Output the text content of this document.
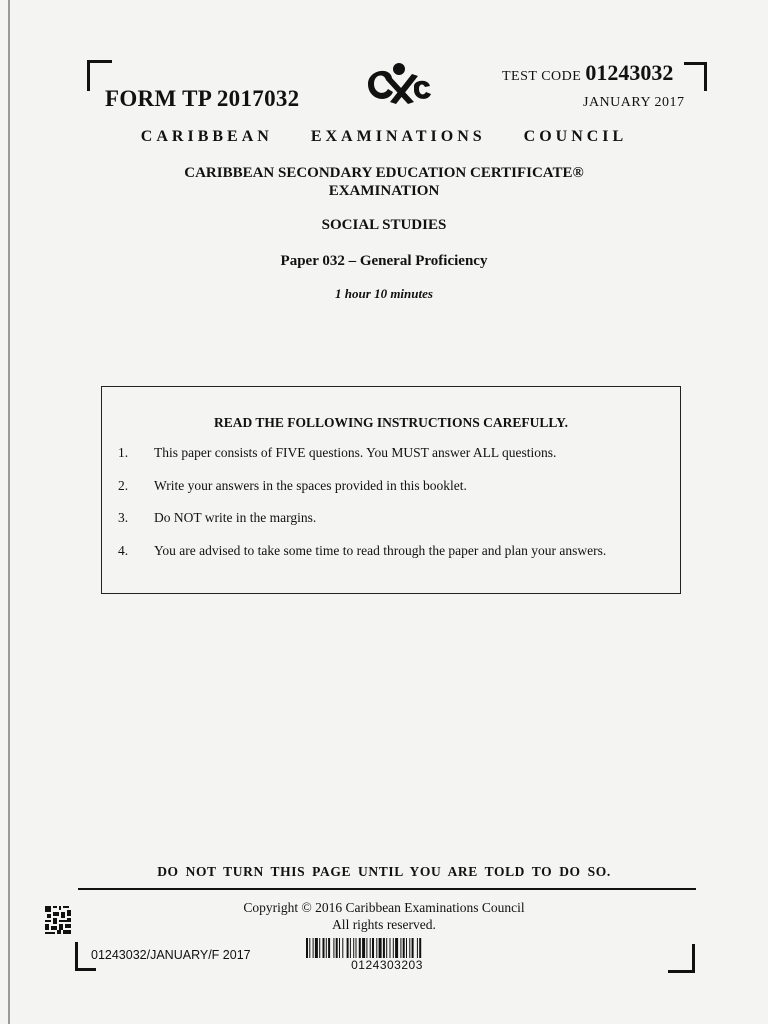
FORM TP 2017032
TEST CODE 01243032
JANUARY 2017
CARIBBEAN EXAMINATIONS COUNCIL
CARIBBEAN SECONDARY EDUCATION CERTIFICATE®
EXAMINATION
SOCIAL STUDIES
Paper 032 – General Proficiency
1 hour 10 minutes
READ THE FOLLOWING INSTRUCTIONS CAREFULLY.
1. This paper consists of FIVE questions. You MUST answer ALL questions.
2. Write your answers in the spaces provided in this booklet.
3. Do NOT write in the margins.
4. You are advised to take some time to read through the paper and plan your answers.
DO NOT TURN THIS PAGE UNTIL YOU ARE TOLD TO DO SO.
Copyright © 2016 Caribbean Examinations Council
All rights reserved.
01243032/JANUARY/F 2017
0124303203
